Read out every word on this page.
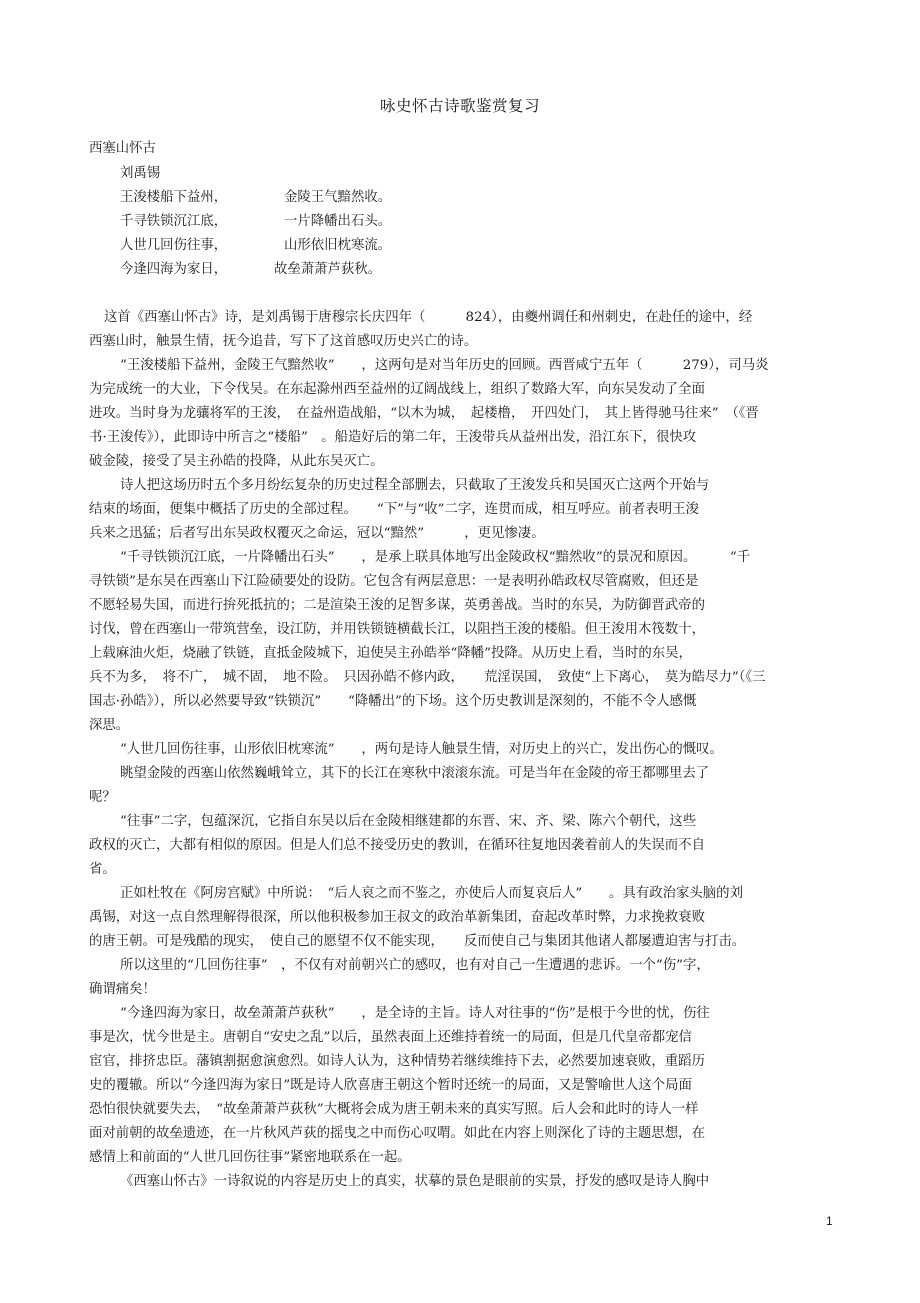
咏史怀古诗歌鉴赏复习
西塞山怀古
刘禹锡
王浚楼船下益州，	金陵王气黯然收。
千寻铁锁沉江底，	一片降幡出石头。
人世几回伤往事，	山形依旧枕寒流。
今逢四海为家日，	故垒萧萧芦荻秋。
这首《西塞山怀古》诗，是刘禹锡于唐穆宗长庆四年（　　　824），由夔州调任和州刺史，在赴任的途中，经
西塞山时，触景生情，抚今追昔，写下了这首感叹历史兴亡的诗。
“王浚楼船下益州，金陵王气黯然收”　　，这两句是对当年历史的回顾。西晋咸宁五年（　　　279），司马炎
为完成统一的大业，下令伐吴。在东起滁州西至益州的辽阔战线上，组织了数路大军，向东吴发动了全面
进攻。当时身为龙骧将军的王浚，　在益州造战船，“以木为城，　起楼橹，　开四处门，　其上皆得驰马往来”　（《晋
书·王浚传》），此即诗中所言之“楼船”　。船造好后的第二年，王浚带兵从益州出发，沿江东下，很快攻
破金陵，接受了吴主孙皓的投降，从此东吴灭亡。
诗人把这场历时五个多月纷纭复杂的历史过程全部删去，只截取了王浚发兵和吴国灭亡这两个开始与
结束的场面，便集中概括了历史的全部过程。　　“下”与“收”二字，连贯而成，相互呼应。前者表明王浚
兵来之迅猛；后者写出东吴政权覆灭之命运，冠以“黯然”　　　，更见惨凄。
“千寻铁锁沉江底，一片降幡出石头”　　，是承上联具体地写出金陵政权“黯然收”的景况和原因。　　　“千
寻铁锁”是东吴在西塞山下江险碛要处的设防。它包含有两层意思：一是表明孙皓政权尽管腐败，但还是
不愿轻易失国，而进行拚死抵抗的；二是渲染王浚的足智多谋，英勇善战。当时的东吴，为防御晋武帝的
讨伐，曾在西塞山一带筑营垒，设江防，并用铁锁链横截长江，以阻挡王浚的楼船。但王浚用木筏数十，
上载麻油火炬，烧融了铁链，直抵金陵城下，迫使吴主孙皓举“降幡”投降。从历史上看，当时的东吴，
兵不为多，　将不广，　城不固，　地不险。　只因孙皓不修内政，　　荒淫误国，　致使“上下离心，　莫为皓尽力”（《三
国志·孙皓》），所以必然要导致“铁锁沉”　　“降幡出”的下场。这个历史教训是深刻的，不能不令人感慨
深思。
“人世几回伤往事，山形依旧枕寒流”　　，两句是诗人触景生情，对历史上的兴亡，发出伤心的慨叹。
眺望金陵的西塞山依然巍峨耸立，其下的长江在寒秋中滚滚东流。可是当年在金陵的帝王都哪里去了
呢？
“往事”二字，包蕴深沉，它指自东吴以后在金陵相继建都的东晋、宋、齐、梁、陈六个朝代，这些
政权的灭亡，大都有相似的原因。但是人们总不接受历史的教训，在循环往复地因袭着前人的失误而不自
省。
正如杜牧在《阿房宫赋》中所说：　“后人哀之而不鉴之，亦使后人而复哀后人”　　。具有政治家头脑的刘
禹锡，对这一点自然理解得很深，所以他积极参加王叔文的政治革新集团，奋起改革时弊，力求挽救衰败
的唐王朝。可是残酷的现实，　使自己的愿望不仅不能实现，　　反而使自己与集团其他诸人都屡遭迫害与打击。
所以这里的“几回伤往事”　，不仅有对前朝兴亡的感叹，也有对自己一生遭遇的悲诉。一个“伤”字，
确谓痛矣！
“今逢四海为家日，故垒萧萧芦荻秋”　　，是全诗的主旨。诗人对往事的“伤”是根于今世的忧，伤往
事是次，忧今世是主。唐朝自“安史之乱”以后，虽然表面上还维持着统一的局面，但是几代皇帝都宠信
宦官，排挤忠臣。藩镇割据愈演愈烈。如诗人认为，这种情势若继续维持下去，必然要加速衰败，重蹈历
史的覆辙。所以“今逢四海为家日”既是诗人欣喜唐王朝这个暂时还统一的局面，又是警喻世人这个局面
恐怕很快就要失去，　“故垒萧萧芦荻秋”大概将会成为唐王朝未来的真实写照。后人会和此时的诗人一样
面对前朝的故垒遗迹，在一片秋风芦荻的摇曳之中而伤心叹喟。如此在内容上则深化了诗的主题思想，在
感情上和前面的“人世几回伤往事”紧密地联系在一起。
《西塞山怀古》一诗叙说的内容是历史上的真实，状摹的景色是眼前的实景，抒发的感叹是诗人胸中
1
